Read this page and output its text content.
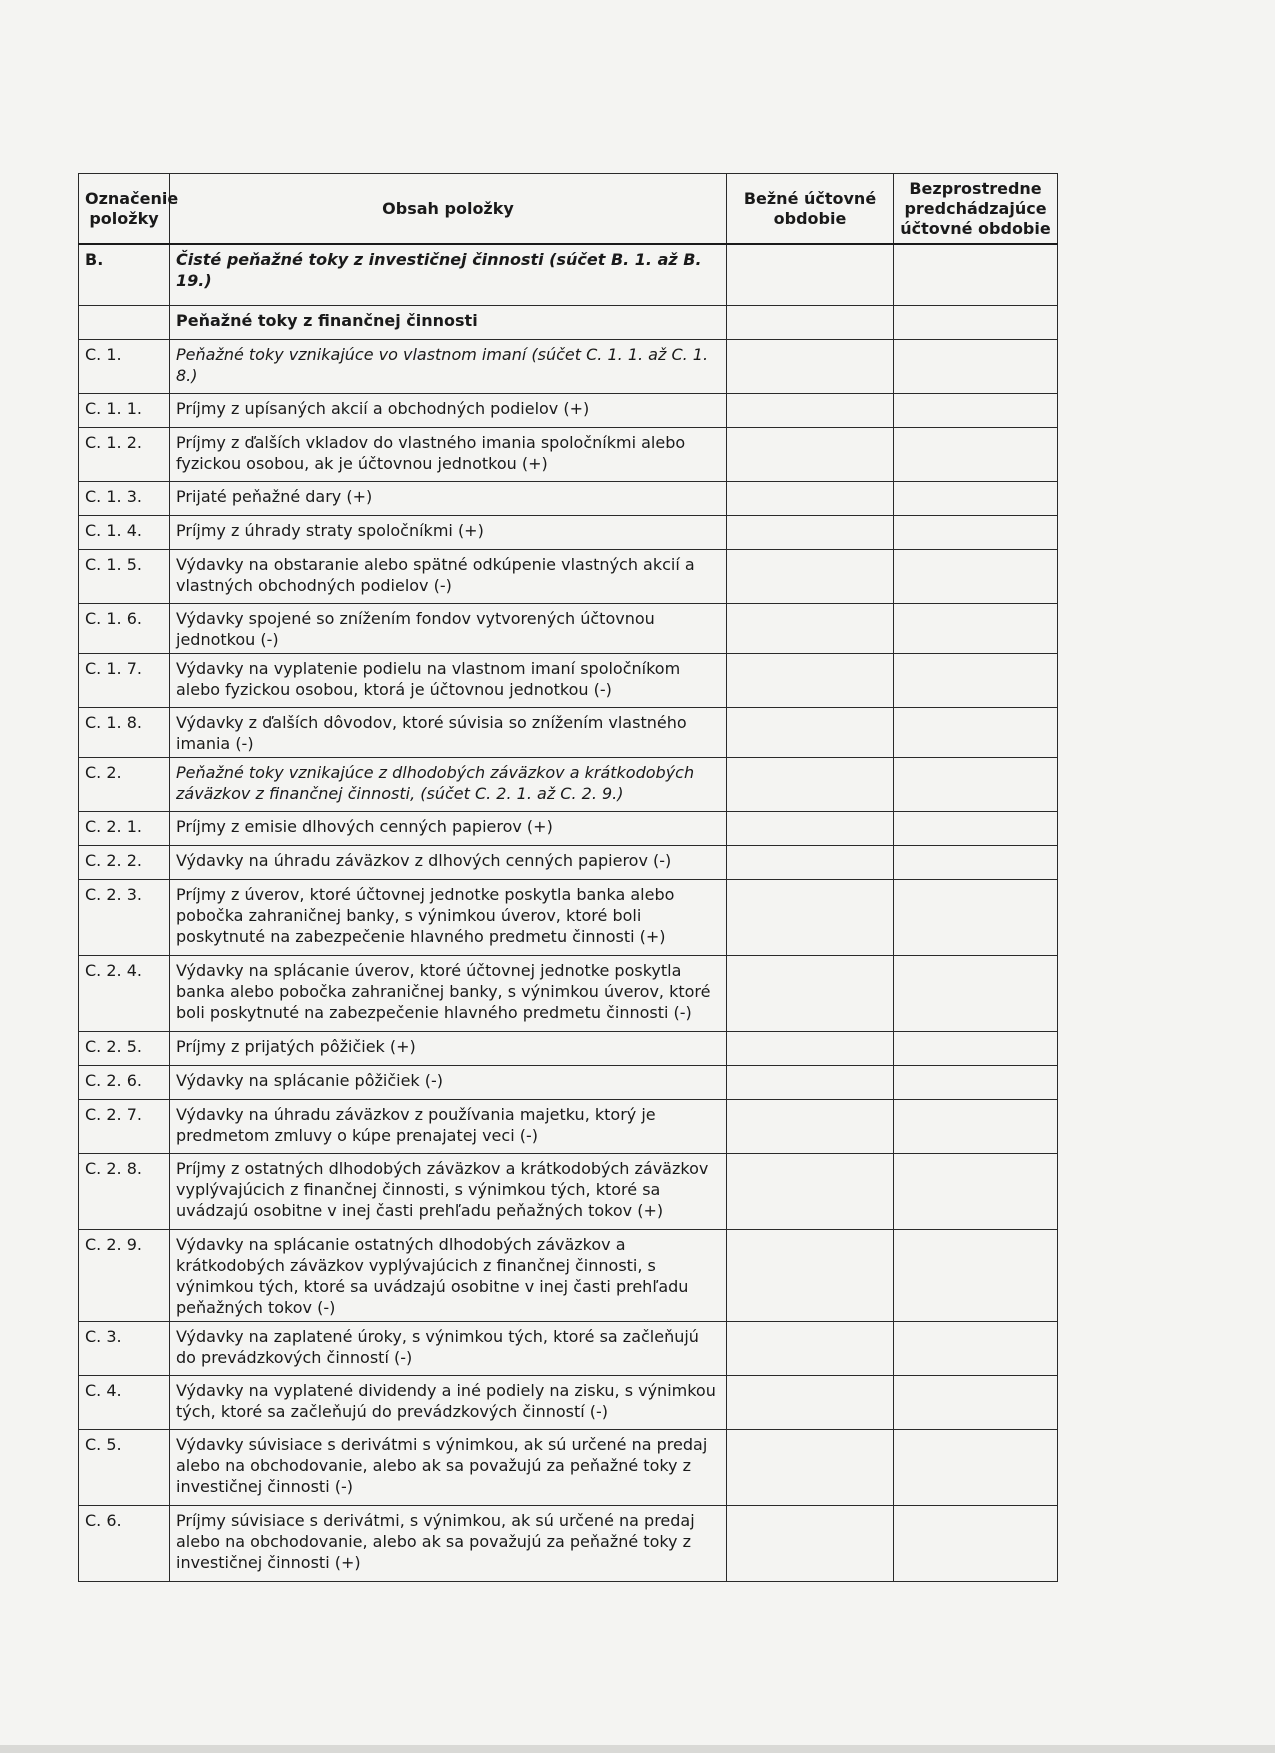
Označenie položky	Obsah položky	Bežné účtovné obdobie	Bezprostredne predchádzajúce účtovné obdobie
B.	Čisté peňažné toky z investičnej činnosti (súčet B. 1. až B. 19.)		
	Peňažné toky z finančnej činnosti		
C. 1.	Peňažné toky vznikajúce vo vlastnom imaní (súčet C. 1. 1. až C. 1. 8.)		
C. 1. 1.	Príjmy z upísaných akcií a obchodných podielov (+)		
C. 1. 2.	Príjmy z ďalších vkladov do vlastného imania spoločníkmi alebo fyzickou osobou, ak je účtovnou jednotkou (+)		
C. 1. 3.	Prijaté peňažné dary (+)		
C. 1. 4.	Príjmy z úhrady straty spoločníkmi (+)		
C. 1. 5.	Výdavky na obstaranie alebo spätné odkúpenie vlastných akcií a vlastných obchodných podielov (-)		
C. 1. 6.	Výdavky spojené so znížením fondov vytvorených účtovnou jednotkou (-)		
C. 1. 7.	Výdavky na vyplatenie podielu na vlastnom imaní spoločníkom alebo fyzickou osobou, ktorá je účtovnou jednotkou (-)		
C. 1. 8.	Výdavky z ďalších dôvodov, ktoré súvisia so znížením vlastného imania (-)		
C. 2.	Peňažné toky vznikajúce z dlhodobých záväzkov a krátkodobých záväzkov z finančnej činnosti, (súčet C. 2. 1. až C. 2. 9.)		
C. 2. 1.	Príjmy z emisie dlhových cenných papierov (+)		
C. 2. 2.	Výdavky na úhradu záväzkov z dlhových cenných papierov (-)		
C. 2. 3.	Príjmy z úverov, ktoré účtovnej jednotke poskytla banka alebo pobočka zahraničnej banky, s výnimkou úverov, ktoré boli poskytnuté na zabezpečenie hlavného predmetu činnosti (+)		
C. 2. 4.	Výdavky na splácanie úverov, ktoré účtovnej jednotke poskytla banka alebo pobočka zahraničnej banky, s výnimkou úverov, ktoré boli poskytnuté na zabezpečenie hlavného predmetu činnosti (-)		
C. 2. 5.	Príjmy z prijatých pôžičiek (+)		
C. 2. 6.	Výdavky na splácanie pôžičiek (-)		
C. 2. 7.	Výdavky na úhradu záväzkov z používania majetku, ktorý je predmetom zmluvy o kúpe prenajatej veci (-)		
C. 2. 8.	Príjmy z ostatných dlhodobých záväzkov a krátkodobých záväzkov vyplývajúcich z finančnej činnosti, s výnimkou tých, ktoré sa uvádzajú osobitne v inej časti prehľadu peňažných tokov (+)		
C. 2. 9.	Výdavky na splácanie ostatných dlhodobých záväzkov a krátkodobých záväzkov vyplývajúcich z finančnej činnosti, s výnimkou tých, ktoré sa uvádzajú osobitne v inej časti prehľadu peňažných tokov (-)		
C. 3.	Výdavky na zaplatené úroky, s výnimkou tých, ktoré sa začleňujú do prevádzkových činností (-)		
C. 4.	Výdavky na vyplatené dividendy a iné podiely na zisku, s výnimkou tých, ktoré sa začleňujú do prevádzkových činností (-)		
C. 5.	Výdavky súvisiace s derivátmi s výnimkou, ak sú určené na predaj alebo na obchodovanie, alebo ak sa považujú za peňažné toky z investičnej činnosti (-)		
C. 6.	Príjmy súvisiace s derivátmi, s výnimkou, ak sú určené na predaj alebo na obchodovanie, alebo ak sa považujú za peňažné toky z investičnej činnosti (+)		
